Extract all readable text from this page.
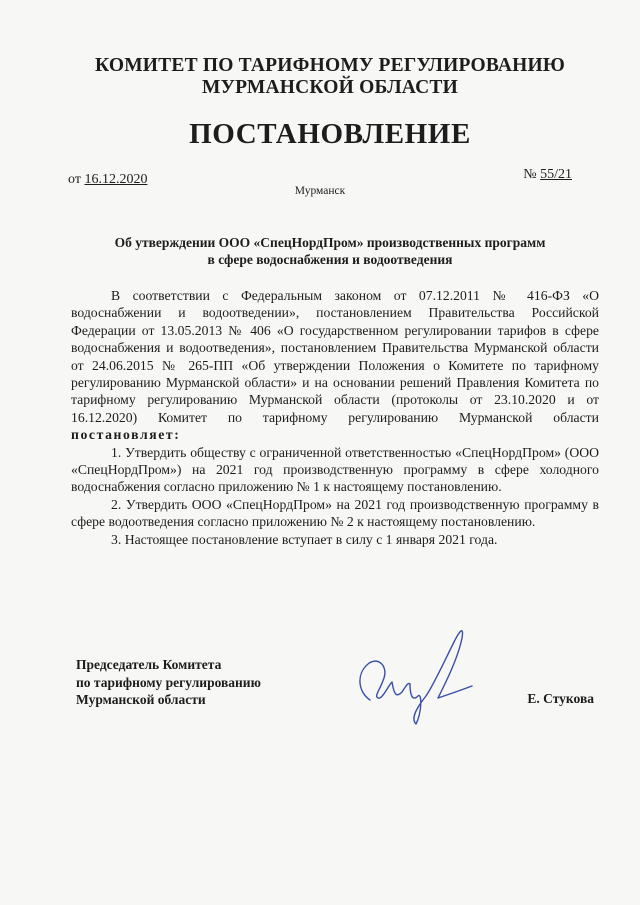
КОМИТЕТ ПО ТАРИФНОМУ РЕГУЛИРОВАНИЮ
МУРМАНСКОЙ ОБЛАСТИ
ПОСТАНОВЛЕНИЕ
от 16.12.2020	№ 55/21
Мурманск
Об утверждении ООО «СпецНордПром» производственных программ
в сфере водоснабжения и водоотведения

В соответствии с Федеральным законом от 07.12.2011 № 416-ФЗ «О водоснабжении и водоотведении», постановлением Правительства Российской Федерации от 13.05.2013 № 406 «О государственном регулировании тарифов в сфере водоснабжения и водоотведения», постановлением Правительства Мурманской области от 24.06.2015 № 265-ПП «Об утверждении Положения о Комитете по тарифному регулированию Мурманской области» и на основании решений Правления Комитета по тарифному регулированию Мурманской области (протоколы от 23.10.2020 и от 16.12.2020) Комитет по тарифному регулированию Мурманской области постановляет:

1. Утвердить обществу с ограниченной ответственностью «СпецНордПром» (ООО «СпецНордПром») на 2021 год производственную программу в сфере холодного водоснабжения согласно приложению № 1 к настоящему постановлению.

2. Утвердить ООО «СпецНордПром» на 2021 год производственную программу в сфере водоотведения согласно приложению № 2 к настоящему постановлению.

3. Настоящее постановление вступает в силу с 1 января 2021 года.

Председатель Комитета
по тарифному регулированию
Мурманской области	Е. Стукова
